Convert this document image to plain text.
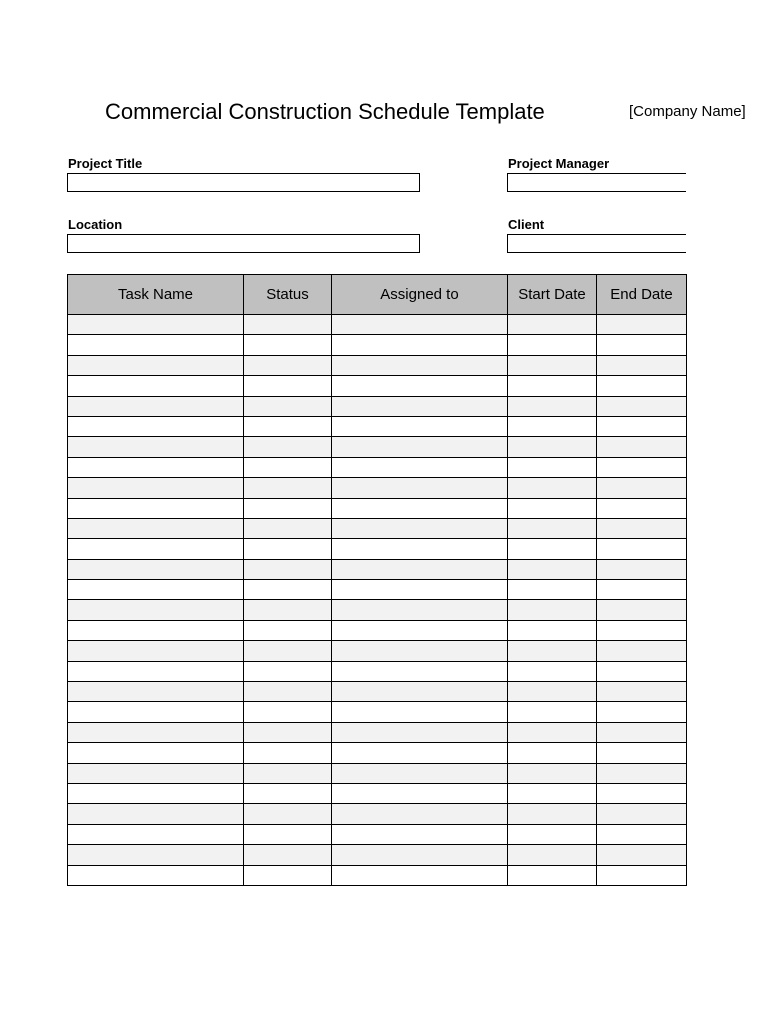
Commercial Construction Schedule Template	[Company Name]
Project Title	Project Manager
Location	Client
Task Name	Status	Assigned to	Start Date	End Date
